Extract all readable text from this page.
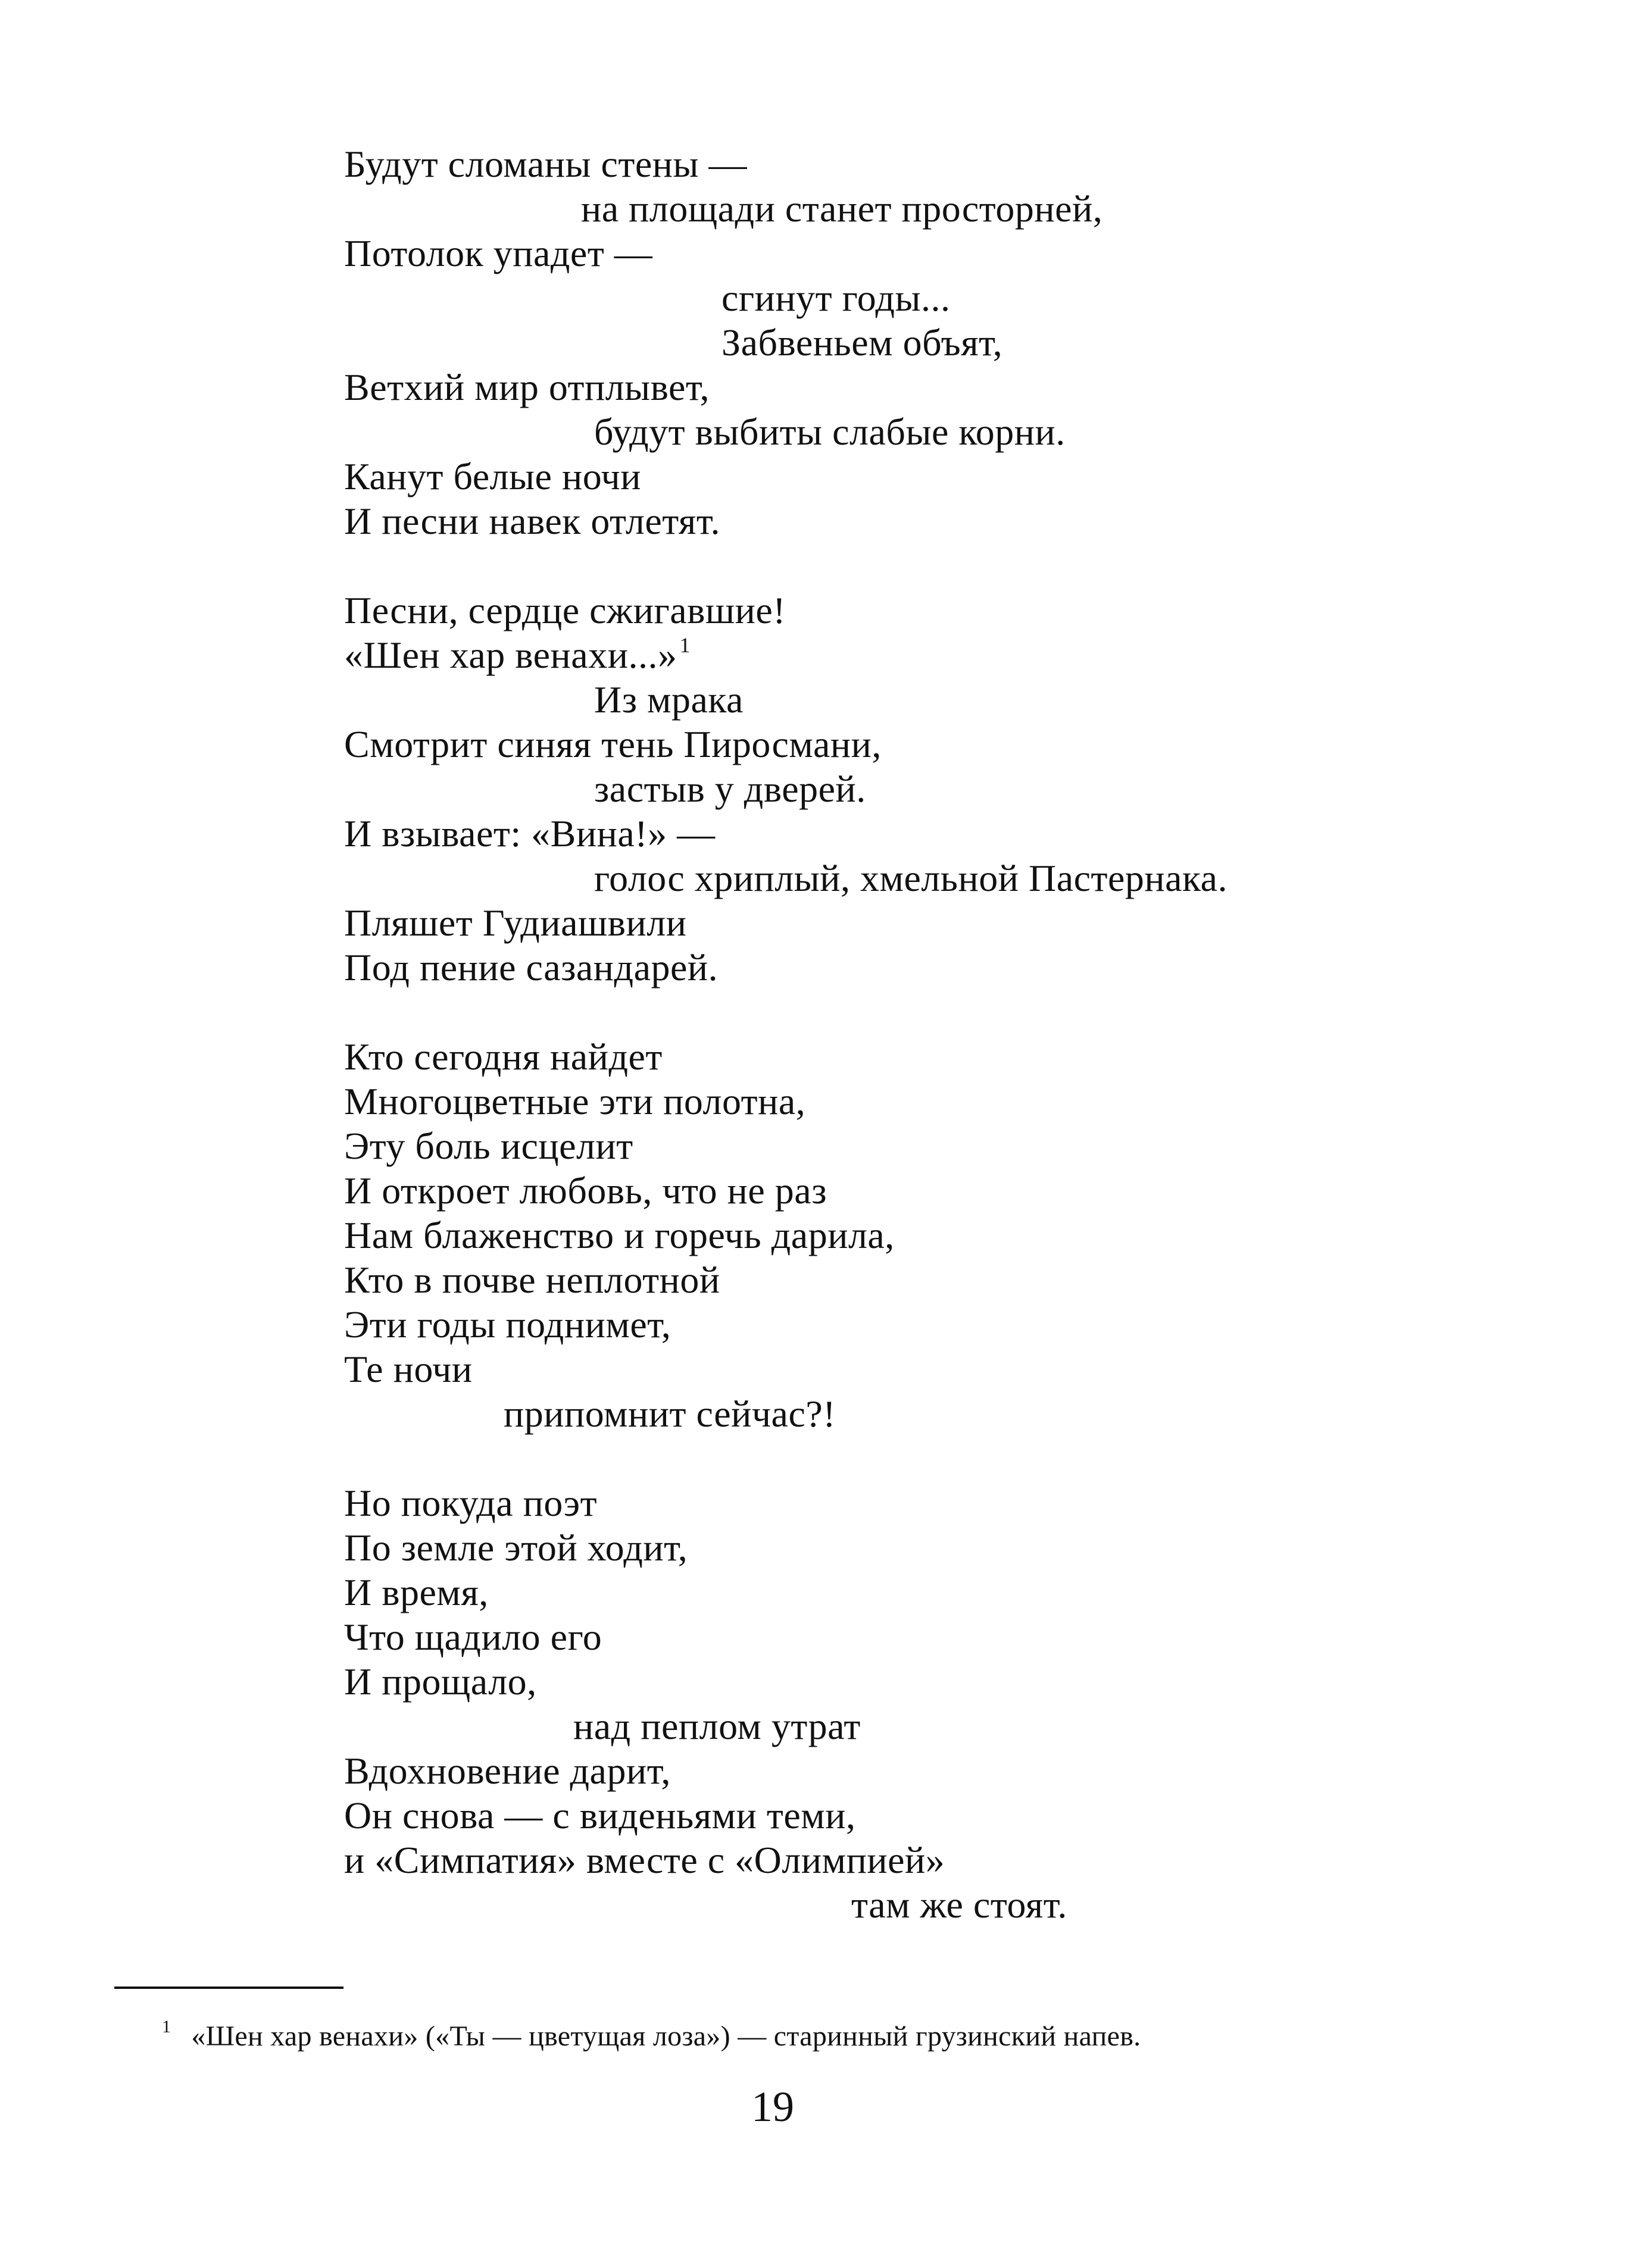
Будут сломаны стены —
на площади станет просторней,
Потолок упадет —
сгинут годы...
Забвеньем объят,
Ветхий мир отплывет,
будут выбиты слабые корни.
Канут белые ночи
И песни навек отлетят.
Песни, сердце сжигавшие!
«Шен хар венахи...» $^1$
Из мрака
Смотрит синяя тень Пиросмани,
застыв у дверей.
И взывает: «Вина!» —
голос хриплый, хмельной Пастернака.
Пляшет Гудиашвили
Под пение сазандарей.
Кто сегодня найдет
Многоцветные эти полотна,
Эту боль исцелит
И откроет любовь, что не раз
Нам блаженство и горечь дарила,
Кто в почве неплотной
Эти годы поднимет,
Те ночи
припомнит сейчас?!
Но покуда поэт
По земле этой ходит,
И время,
Что щадило его
И прощало,
над пеплом утрат
Вдохновение дарит,
Он снова — с виденьями теми,
и «Симпатия» вместе с «Олимпией»
там же стоят.
$^1$ «Шен хар венахи» («Ты — цветущая лоза») — старинный грузинский напев.
19
